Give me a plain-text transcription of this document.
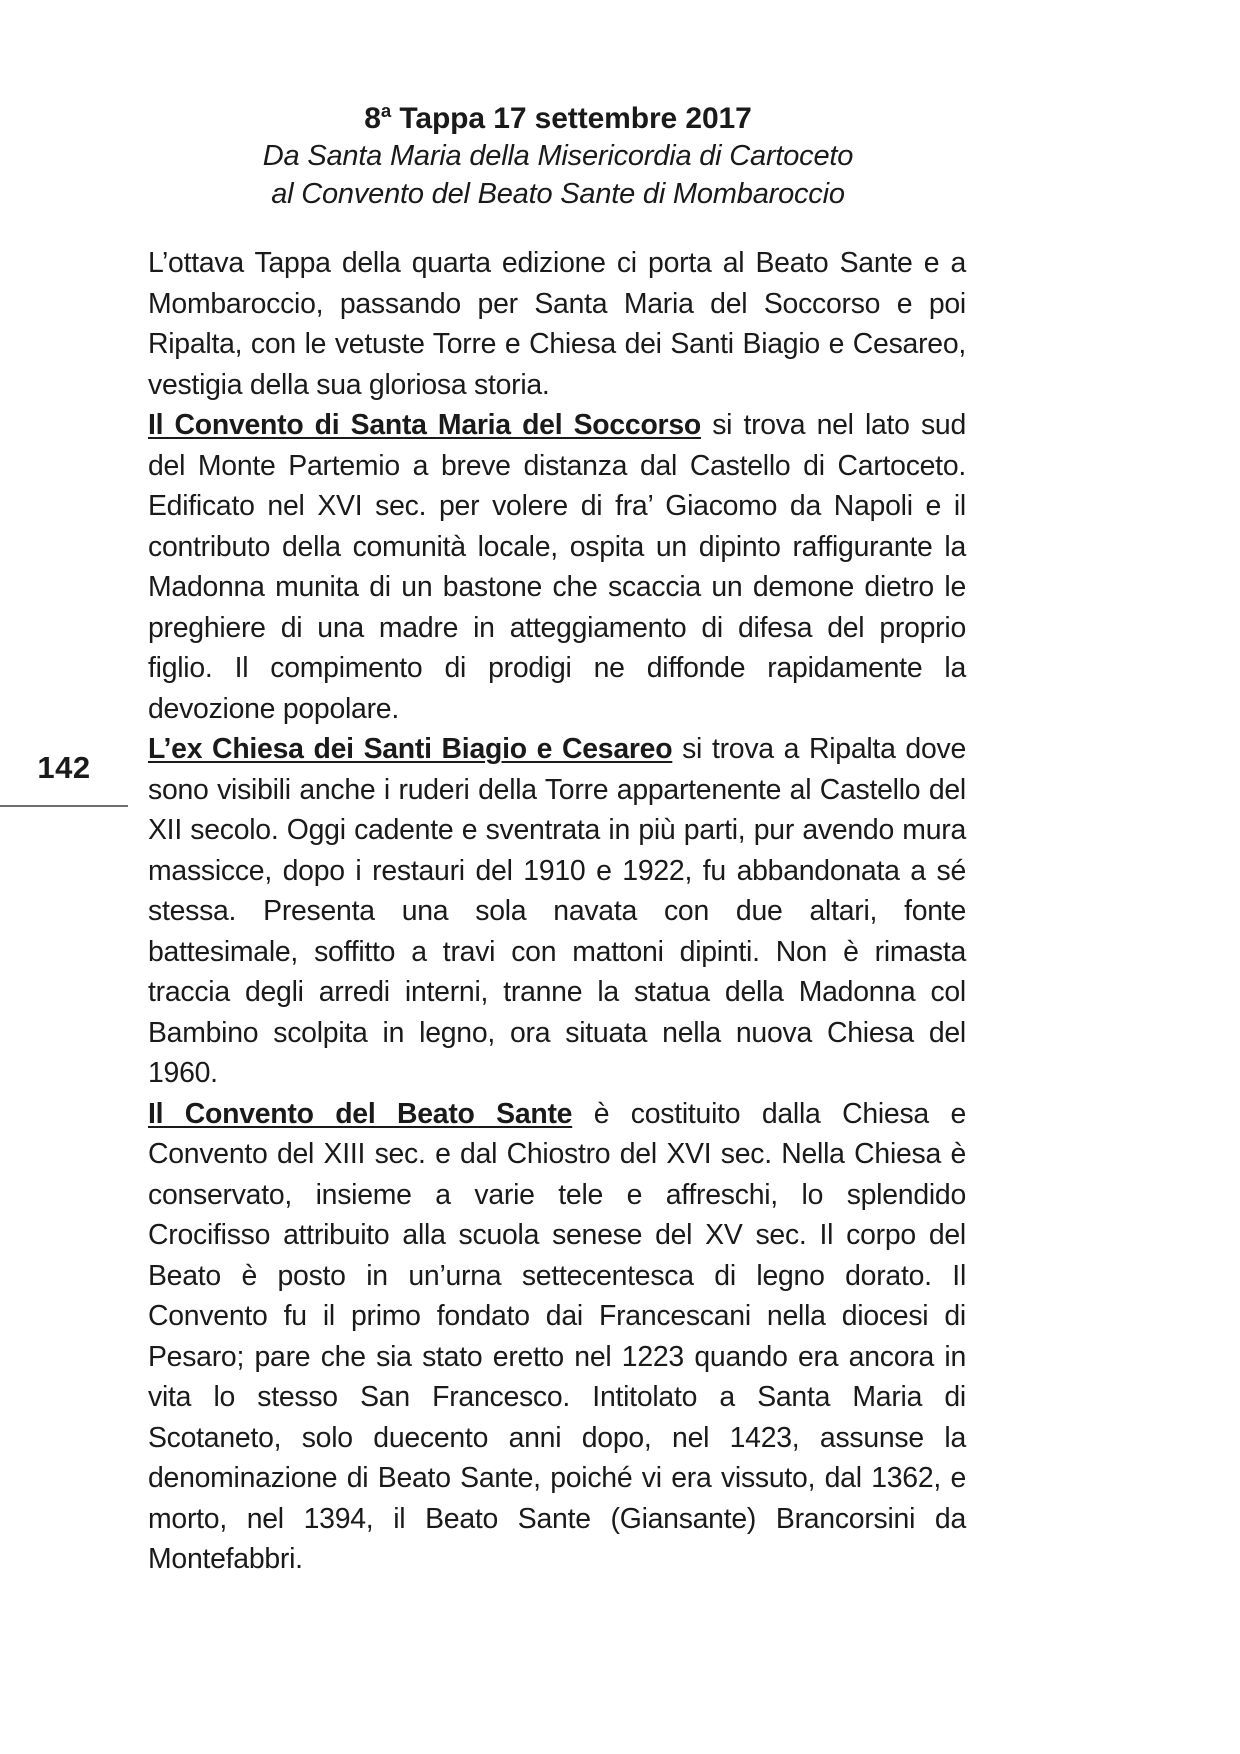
142
8$^a$ Tappa 17 settembre 2017
Da Santa Maria della Misericordia di Cartoceto
al Convento del Beato Sante di Mombaroccio

L’ottava Tappa della quarta edizione ci porta al Beato Sante e a Mombaroccio, passando per Santa Maria del Soccorso e poi Ripalta, con le vetuste Torre e Chiesa dei Santi Biagio e Cesareo, vestigia della sua gloriosa storia.

Il Convento di Santa Maria del Soccorso si trova nel lato sud del Monte Partemio a breve distanza dal Castello di Cartoceto. Edificato nel XVI sec. per volere di fra’ Giacomo da Napoli e il contributo della comunità locale, ospita un dipinto raffigurante la Madonna munita di un bastone che scaccia un demone dietro le preghiere di una madre in atteggiamento di difesa del proprio figlio. Il compimento di prodigi ne diffonde rapidamente la devozione popolare.

L’ex Chiesa dei Santi Biagio e Cesareo si trova a Ripalta dove sono visibili anche i ruderi della Torre appartenente al Castello del XII secolo. Oggi cadente e sventrata in più parti, pur avendo mura massicce, dopo i restauri del 1910 e 1922, fu abbandonata a sé stessa. Presenta una sola navata con due altari, fonte battesimale, soffitto a travi con mattoni dipinti. Non è rimasta traccia degli arredi interni, tranne la statua della Madonna col Bambino scolpita in legno, ora situata nella nuova Chiesa del 1960.

Il Convento del Beato Sante è costituito dalla Chiesa e Convento del XIII sec. e dal Chiostro del XVI sec. Nella Chiesa è conservato, insieme a varie tele e affreschi, lo splendido Crocifisso attribuito alla scuola senese del XV sec. Il corpo del Beato è posto in un’urna settecentesca di legno dorato. Il Convento fu il primo fondato dai Francescani nella diocesi di Pesaro; pare che sia stato eretto nel 1223 quando era ancora in vita lo stesso San Francesco. Intitolato a Santa Maria di Scotaneto, solo duecento anni dopo, nel 1423, assunse la denominazione di Beato Sante, poiché vi era vissuto, dal 1362, e morto, nel 1394, il Beato Sante (Giansante) Brancorsini da Montefabbri.
